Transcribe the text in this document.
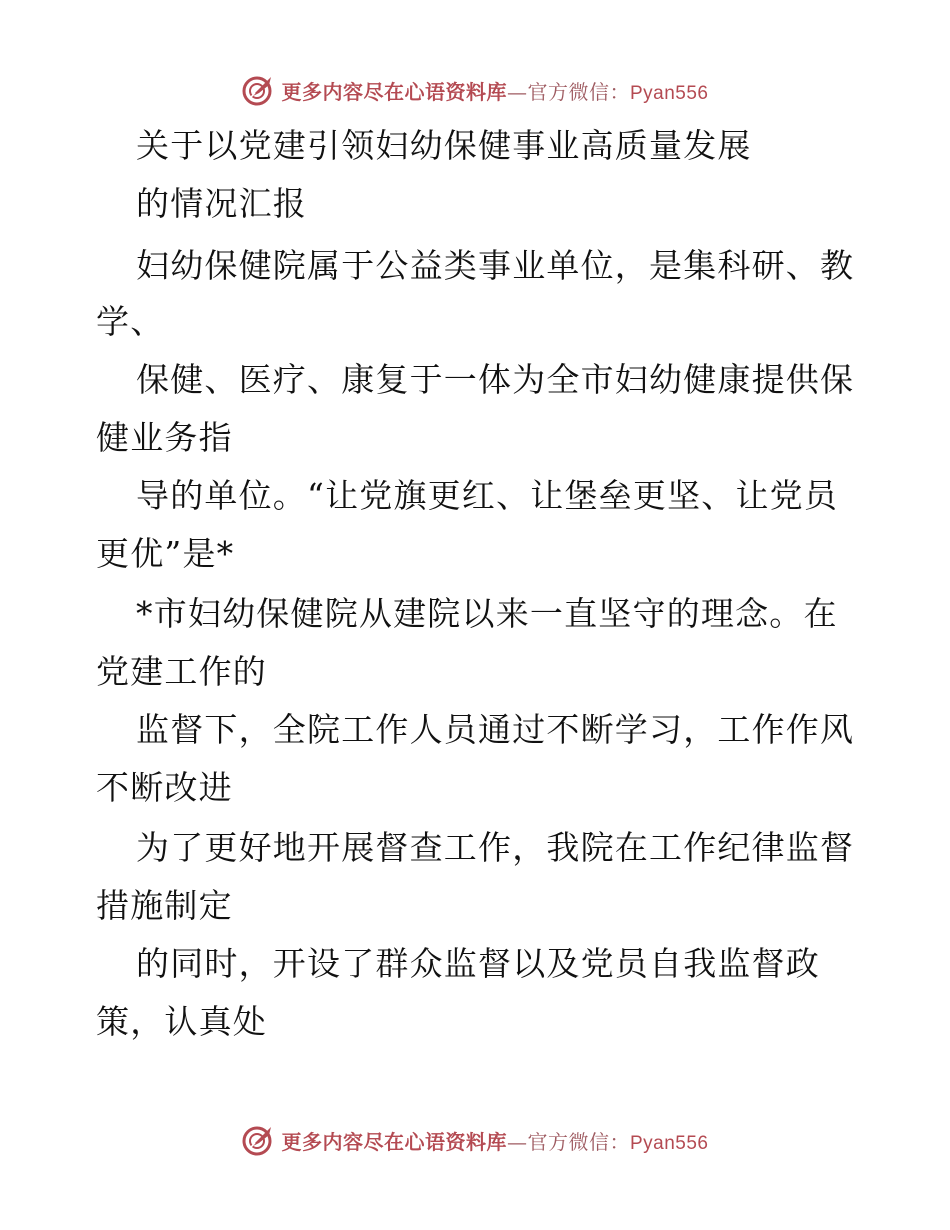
更多内容尽在心语资料库 —官方微信： Pyan556
关于以党建引领妇幼保健事业高质量发展
的情况汇报
妇幼保健院属于公益类事业单位，是集科研、教
学、
保健、医疗、康复于一体为全市妇幼健康提供保
健业务指
导的单位。“让党旗更红、让堡垒更坚、让党员
更优”是*
*市妇幼保健院从建院以来一直坚守的理念。在
党建工作的
监督下，全院工作人员通过不断学习，工作作风
不断改进
为了更好地开展督查工作，我院在工作纪律监督
措施制定
的同时，开设了群众监督以及党员自我监督政
策，认真处
更多内容尽在心语资料库 —官方微信： Pyan556
